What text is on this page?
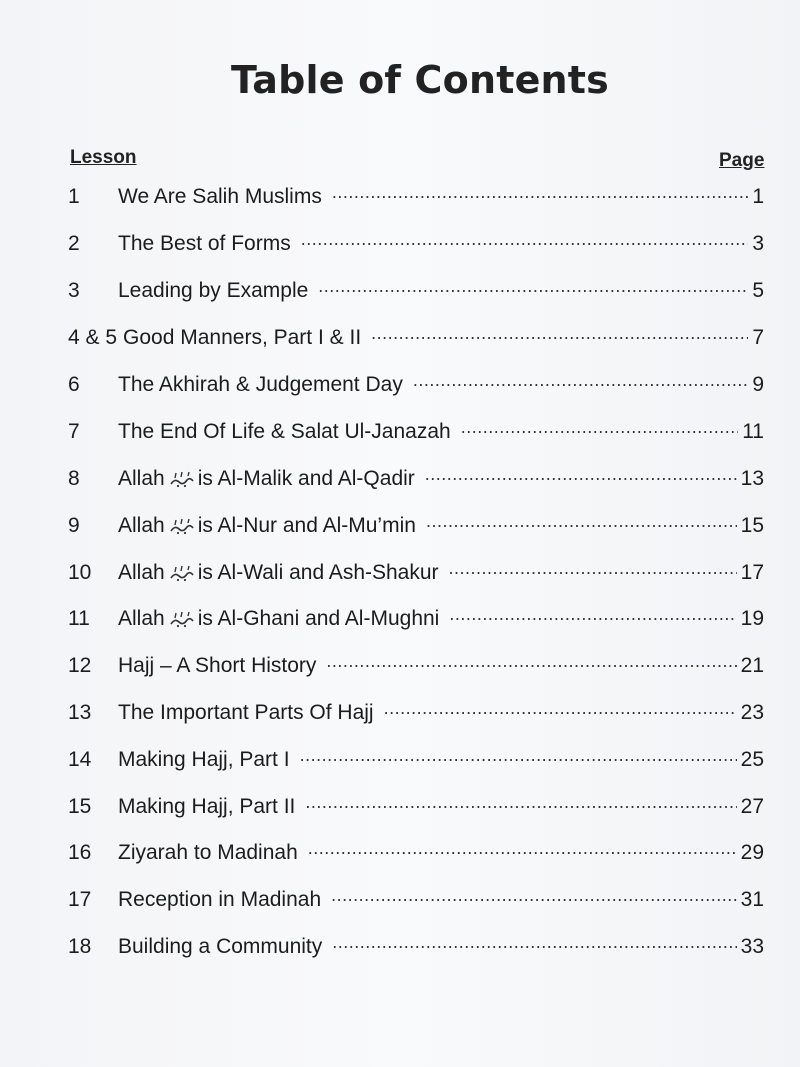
Table of Contents
Lesson	Page
1	We Are Salih Muslims .....	1
2	The Best of Forms .....	3
3	Leading by Example .....	5
4 & 5 Good Manners, Part I & II .....	7
6	The Akhirah & Judgement Day .....	9
7	The End Of Life & Salat Ul-Janazah .....	11
8	Allah is Al-Malik and Al-Qadir .....	13
9	Allah is Al-Nur and Al-Mu’min .....	15
10	Allah is Al-Wali and Ash-Shakur .....	17
11	Allah is Al-Ghani and Al-Mughni .....	19
12	Hajj – A Short History .....	21
13	The Important Parts Of Hajj .....	23
14	Making Hajj, Part I .....	25
15	Making Hajj, Part II .....	27
16	Ziyarah to Madinah .....	29
17	Reception in Madinah .....	31
18	Building a Community .....	33
